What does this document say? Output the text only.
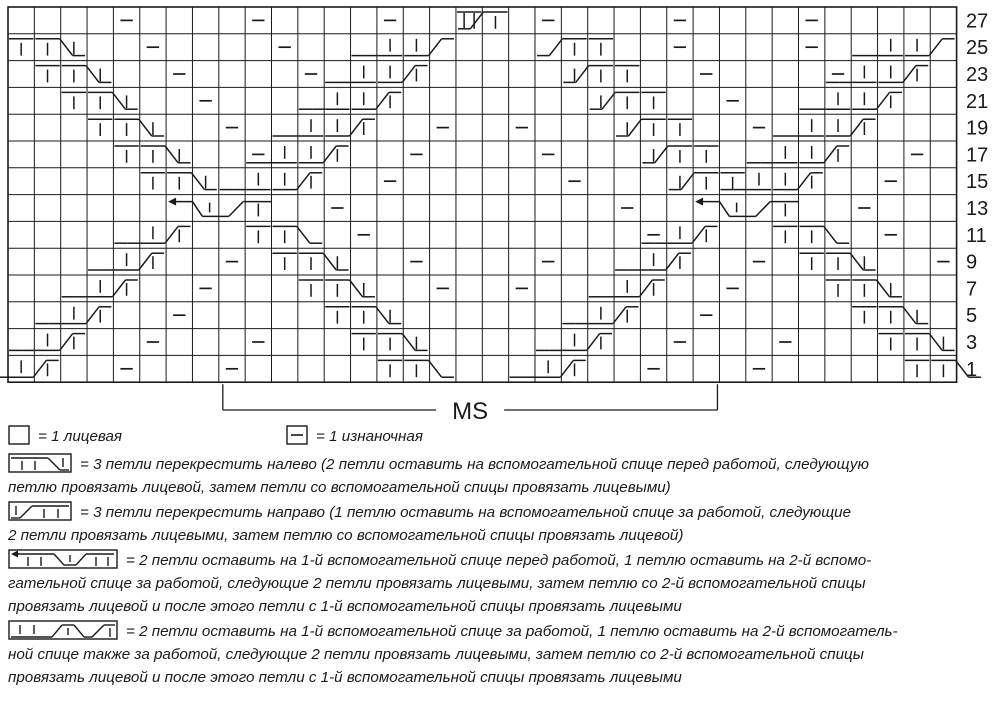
27
25
23
21
19
17
15
13
11
9
7
5
3
1
MS
= 1 лицевая	= 1 изнаночная
= 3 петли перекрестить налево (2 петли оставить на вспомогательной спице перед работой, следующую
петлю провязать лицевой, затем петли со вспомогательной спицы провязать лицевыми)
= 3 петли перекрестить направо (1 петлю оставить на вспомогательной спице за работой, следующие
2 петли провязать лицевыми, затем петлю со вспомогательной спицы провязать лицевой)
= 2 петли оставить на 1-й вспомогательной спице перед работой, 1 петлю оставить на 2-й вспомо-
гательной спице за работой, следующие 2 петли провязать лицевыми, затем петлю со 2-й вспомогательной спицы
провязать лицевой и после этого петли с 1-й вспомогательной спицы провязать лицевыми
= 2 петли оставить на 1-й вспомогательной спице за работой, 1 петлю оставить на 2-й вспомогатель-
ной спице также за работой, следующие 2 петли провязать лицевыми, затем петлю со 2-й вспомогательной спицы
провязать лицевой и после этого петли с 1-й вспомогательной спицы провязать лицевыми
